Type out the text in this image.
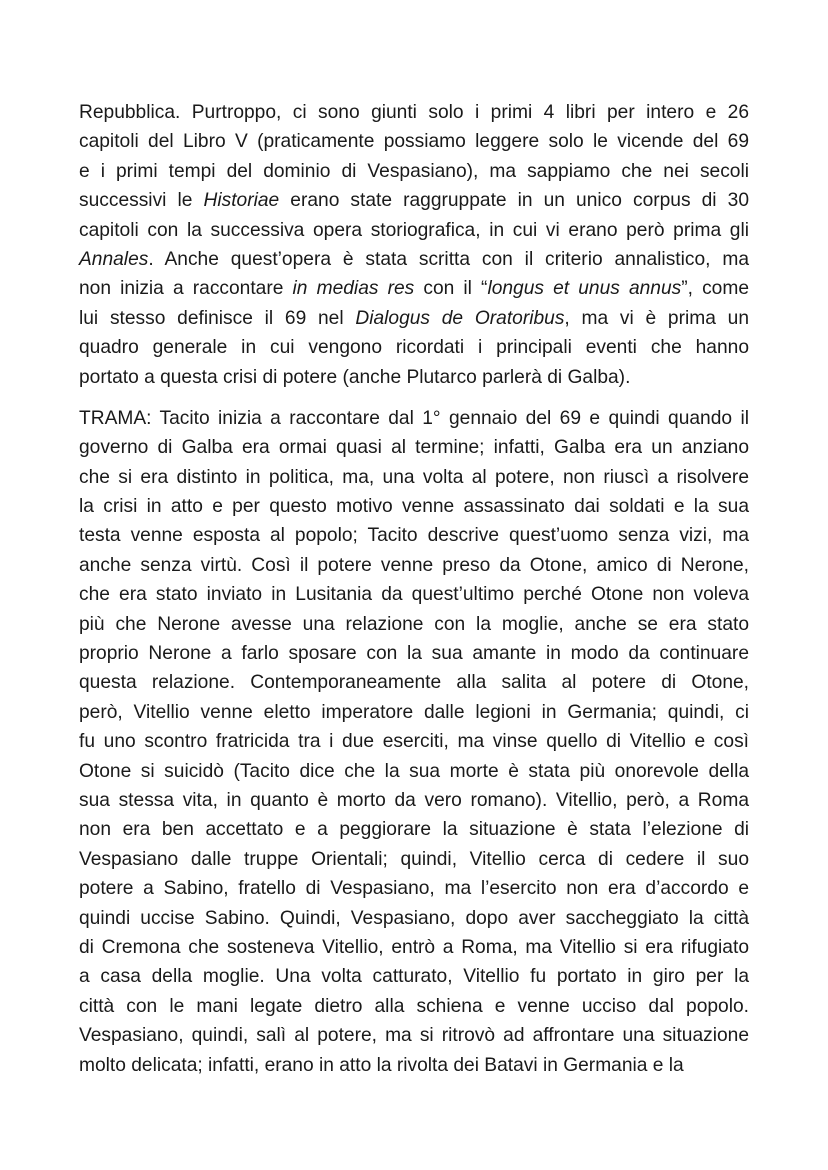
Repubblica. Purtroppo, ci sono giunti solo i primi 4 libri per intero e 26
capitoli del Libro V (praticamente possiamo leggere solo le vicende del 69
e i primi tempi del dominio di Vespasiano), ma sappiamo che nei secoli
successivi le Historiae erano state raggruppate in un unico corpus di 30
capitoli con la successiva opera storiografica, in cui vi erano però prima gli
Annales. Anche quest’opera è stata scritta con il criterio annalistico, ma
non inizia a raccontare in medias res con il “longus et unus annus”, come
lui stesso definisce il 69 nel Dialogus de Oratoribus, ma vi è prima un
quadro generale in cui vengono ricordati i principali eventi che hanno
portato a questa crisi di potere (anche Plutarco parlerà di Galba).
TRAMA: Tacito inizia a raccontare dal 1° gennaio del 69 e quindi quando il
governo di Galba era ormai quasi al termine; infatti, Galba era un anziano
che si era distinto in politica, ma, una volta al potere, non riuscì a risolvere
la crisi in atto e per questo motivo venne assassinato dai soldati e la sua
testa venne esposta al popolo; Tacito descrive quest’uomo senza vizi, ma
anche senza virtù. Così il potere venne preso da Otone, amico di Nerone,
che era stato inviato in Lusitania da quest’ultimo perché Otone non voleva
più che Nerone avesse una relazione con la moglie, anche se era stato
proprio Nerone a farlo sposare con la sua amante in modo da continuare
questa relazione. Contemporaneamente alla salita al potere di Otone,
però, Vitellio venne eletto imperatore dalle legioni in Germania; quindi, ci
fu uno scontro fratricida tra i due eserciti, ma vinse quello di Vitellio e così
Otone si suicidò (Tacito dice che la sua morte è stata più onorevole della
sua stessa vita, in quanto è morto da vero romano). Vitellio, però, a Roma
non era ben accettato e a peggiorare la situazione è stata l’elezione di
Vespasiano dalle truppe Orientali; quindi, Vitellio cerca di cedere il suo
potere a Sabino, fratello di Vespasiano, ma l’esercito non era d’accordo e
quindi uccise Sabino. Quindi, Vespasiano, dopo aver saccheggiato la città
di Cremona che sosteneva Vitellio, entrò a Roma, ma Vitellio si era rifugiato
a casa della moglie. Una volta catturato, Vitellio fu portato in giro per la
città con le mani legate dietro alla schiena e venne ucciso dal popolo.
Vespasiano, quindi, salì al potere, ma si ritrovò ad affrontare una situazione
molto delicata; infatti, erano in atto la rivolta dei Batavi in Germania e la
